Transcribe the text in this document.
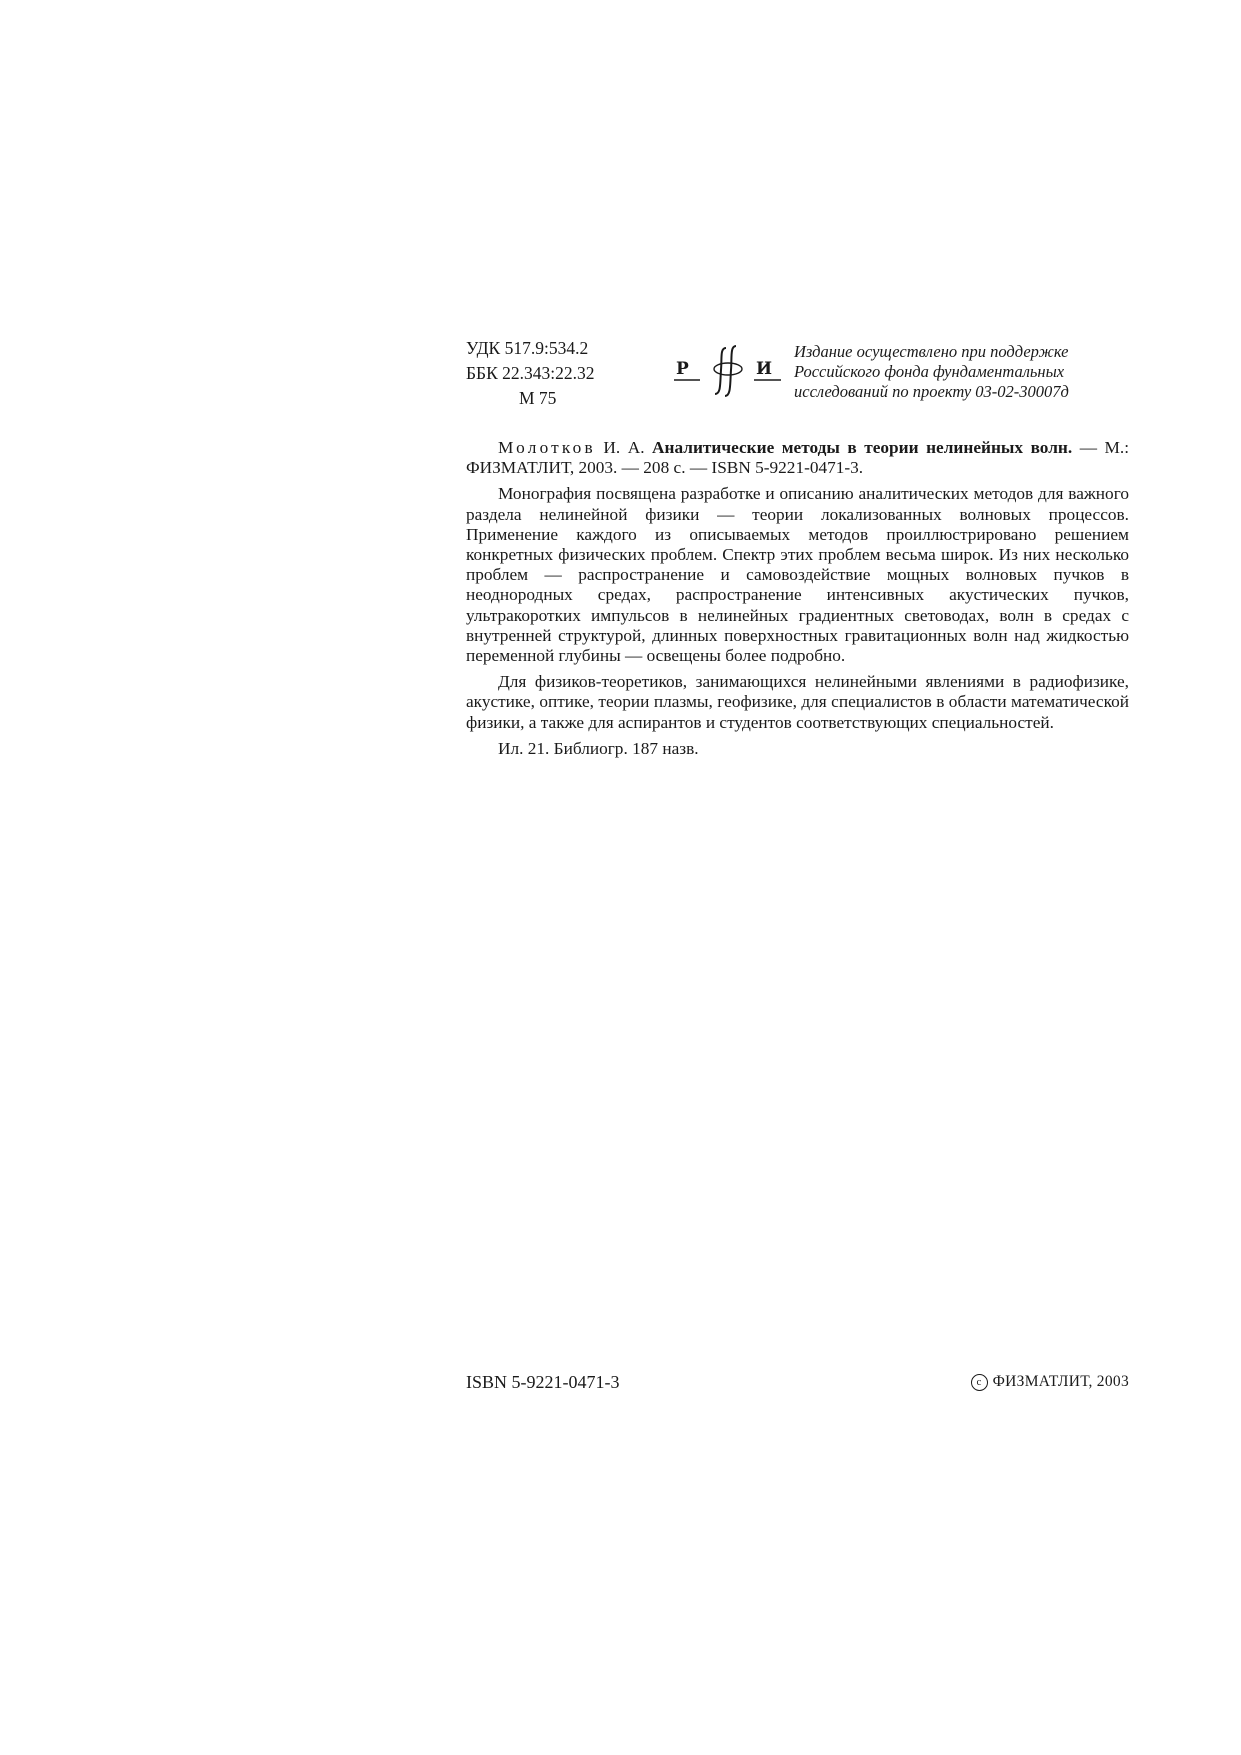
УДК 517.9:534.2
ББК 22.343:22.32
М 75
Р	И
Издание осуществлено при поддержке
Российского фонда фундаментальных
исследований по проекту 03-02-30007д

Молотков И. А. Аналитические методы в теории нелинейных волн. — М.: ФИЗМАТЛИТ, 2003. — 208 с. — ISBN 5-9221-0471-3.

Монография посвящена разработке и описанию аналитических методов для важного раздела нелинейной физики — теории локализованных волновых процессов. Применение каждого из описываемых методов проиллюстрировано решением конкретных физических проблем. Спектр этих проблем весьма широк. Из них несколько проблем — распространение и самовоздействие мощных волновых пучков в неоднородных средах, распространение интенсивных акустических пучков, ультракоротких импульсов в нелинейных градиентных световодах, волн в средах с внутренней структурой, длинных поверхностных гравитационных волн над жидкостью переменной глубины — освещены более подробно.

Для физиков-теоретиков, занимающихся нелинейными явлениями в радиофизике, акустике, оптике, теории плазмы, геофизике, для специалистов в области математической физики, а также для аспирантов и студентов соответствующих специальностей.

Ил. 21. Библиогр. 187 назв.

ISBN 5-9221-0471-3	c ФИЗМАТЛИТ, 2003
